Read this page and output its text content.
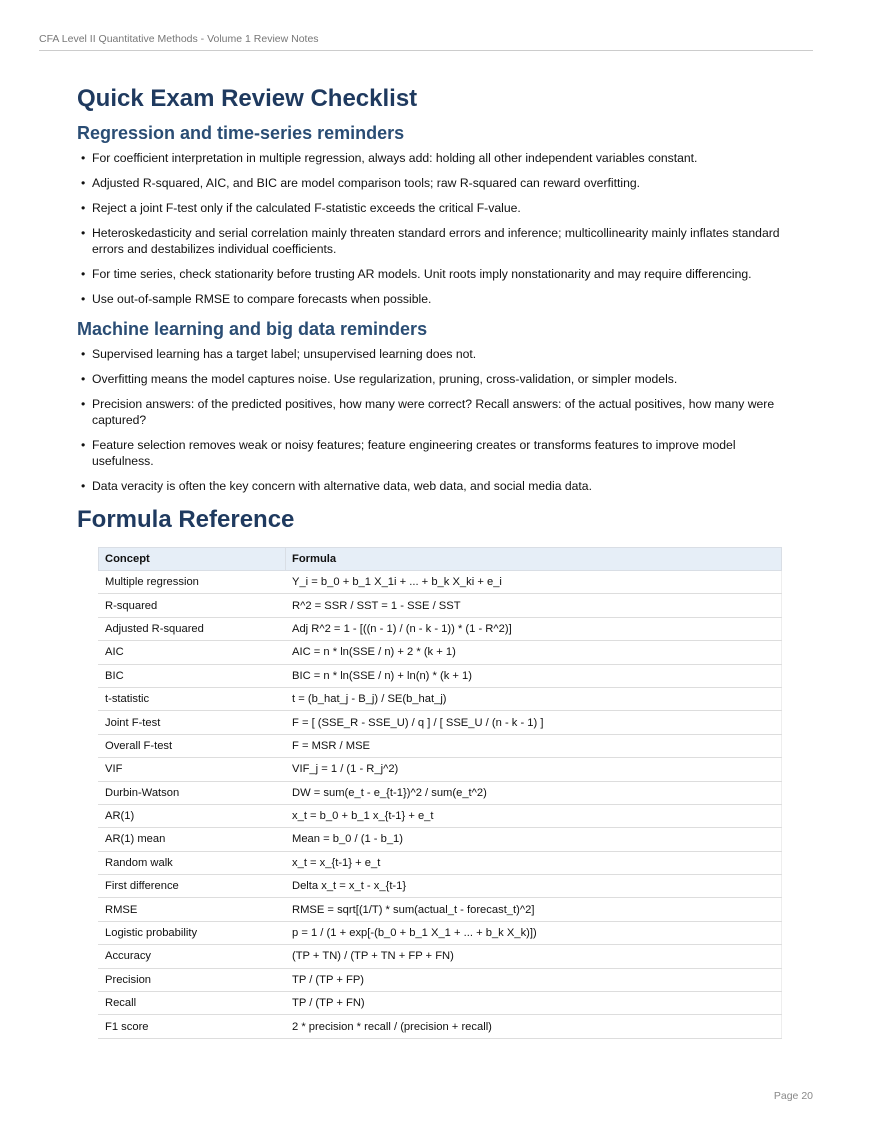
CFA Level II Quantitative Methods - Volume 1 Review Notes
Quick Exam Review Checklist
Regression and time-series reminders
• For coefficient interpretation in multiple regression, always add: holding all other independent variables constant.
• Adjusted R-squared, AIC, and BIC are model comparison tools; raw R-squared can reward overfitting.
• Reject a joint F-test only if the calculated F-statistic exceeds the critical F-value.
• Heteroskedasticity and serial correlation mainly threaten standard errors and inference; multicollinearity mainly inflates standard errors and destabilizes individual coefficients.
• For time series, check stationarity before trusting AR models. Unit roots imply nonstationarity and may require differencing.
• Use out-of-sample RMSE to compare forecasts when possible.
Machine learning and big data reminders
• Supervised learning has a target label; unsupervised learning does not.
• Overfitting means the model captures noise. Use regularization, pruning, cross-validation, or simpler models.
• Precision answers: of the predicted positives, how many were correct? Recall answers: of the actual positives, how many were captured?
• Feature selection removes weak or noisy features; feature engineering creates or transforms features to improve model usefulness.
• Data veracity is often the key concern with alternative data, web data, and social media data.
Formula Reference
Concept	Formula
Multiple regression	Y_i = b_0 + b_1 X_1i + ... + b_k X_ki + e_i
R-squared	R^2 = SSR / SST = 1 - SSE / SST
Adjusted R-squared	Adj R^2 = 1 - [((n - 1) / (n - k - 1)) * (1 - R^2)]
AIC	AIC = n * ln(SSE / n) + 2 * (k + 1)
BIC	BIC = n * ln(SSE / n) + ln(n) * (k + 1)
t-statistic	t = (b_hat_j - B_j) / SE(b_hat_j)
Joint F-test	F = [ (SSE_R - SSE_U) / q ] / [ SSE_U / (n - k - 1) ]
Overall F-test	F = MSR / MSE
VIF	VIF_j = 1 / (1 - R_j^2)
Durbin-Watson	DW = sum(e_t - e_{t-1})^2 / sum(e_t^2)
AR(1)	x_t = b_0 + b_1 x_{t-1} + e_t
AR(1) mean	Mean = b_0 / (1 - b_1)
Random walk	x_t = x_{t-1} + e_t
First difference	Delta x_t = x_t - x_{t-1}
RMSE	RMSE = sqrt[(1/T) * sum(actual_t - forecast_t)^2]
Logistic probability	p = 1 / (1 + exp[-(b_0 + b_1 X_1 + ... + b_k X_k)])
Accuracy	(TP + TN) / (TP + TN + FP + FN)
Precision	TP / (TP + FP)
Recall	TP / (TP + FN)
F1 score	2 * precision * recall / (precision + recall)
Page 20
